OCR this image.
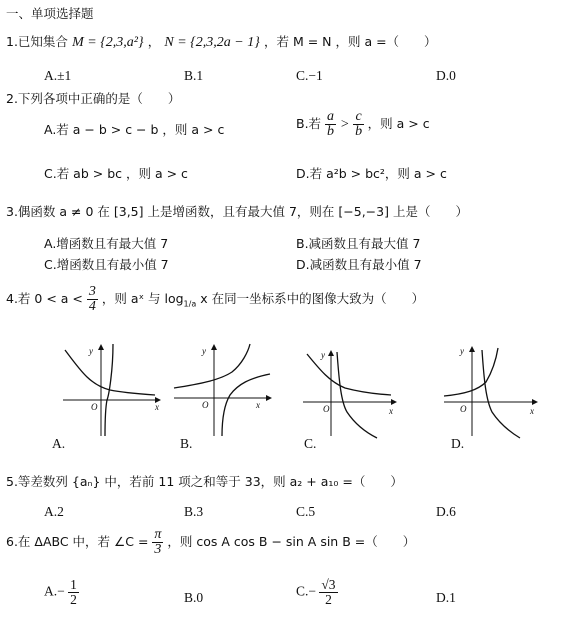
一、单项选择题
1.已知集合 M = {2,3,a²} ， N = {2,3,2a − 1} ，若 M = N ，则 a =（　　）
A.±1	B.1	C.−1	D.0
2.下列各项中正确的是（　　）
A.若 a − b > c − b ，则 a > c	B.若 $\frac{a}{b} > \frac{c}{b}$ ，则 a > c
C.若 ab > bc ，则 a > c	D.若 a²b > bc²，则 a > c
3.偶函数 a ≠ 0 在 [3,5] 上是增函数，且有最大值 7，则在 [−5,−3] 上是（　　）
A.增函数且有最大值 7	B.减函数且有最大值 7
C.增函数且有最小值 7	D.减函数且有最小值 7
4.若 $0 < a < \frac{3}{4}$ ，则 aˣ 与 $\log_{1/a} x$ 在同一坐标系中的图像大致为（　　）
y
x
O
A.
y
x
O
B.
y
x
O
C.
y
x
O
D.
5.等差数列 {aₙ} 中，若前 11 项之和等于 33，则 a₂ + a₁₀ =（　　）
A.2	B.3	C.5	D.6
6.在 ΔABC 中，若 ∠C = $\frac{\pi}{3}$ ，则 cos A cos B − sin A sin B =（　　）
$A.- \frac{1}{2}$	B.0	$C.- \frac{√3}{2}$	D.1
